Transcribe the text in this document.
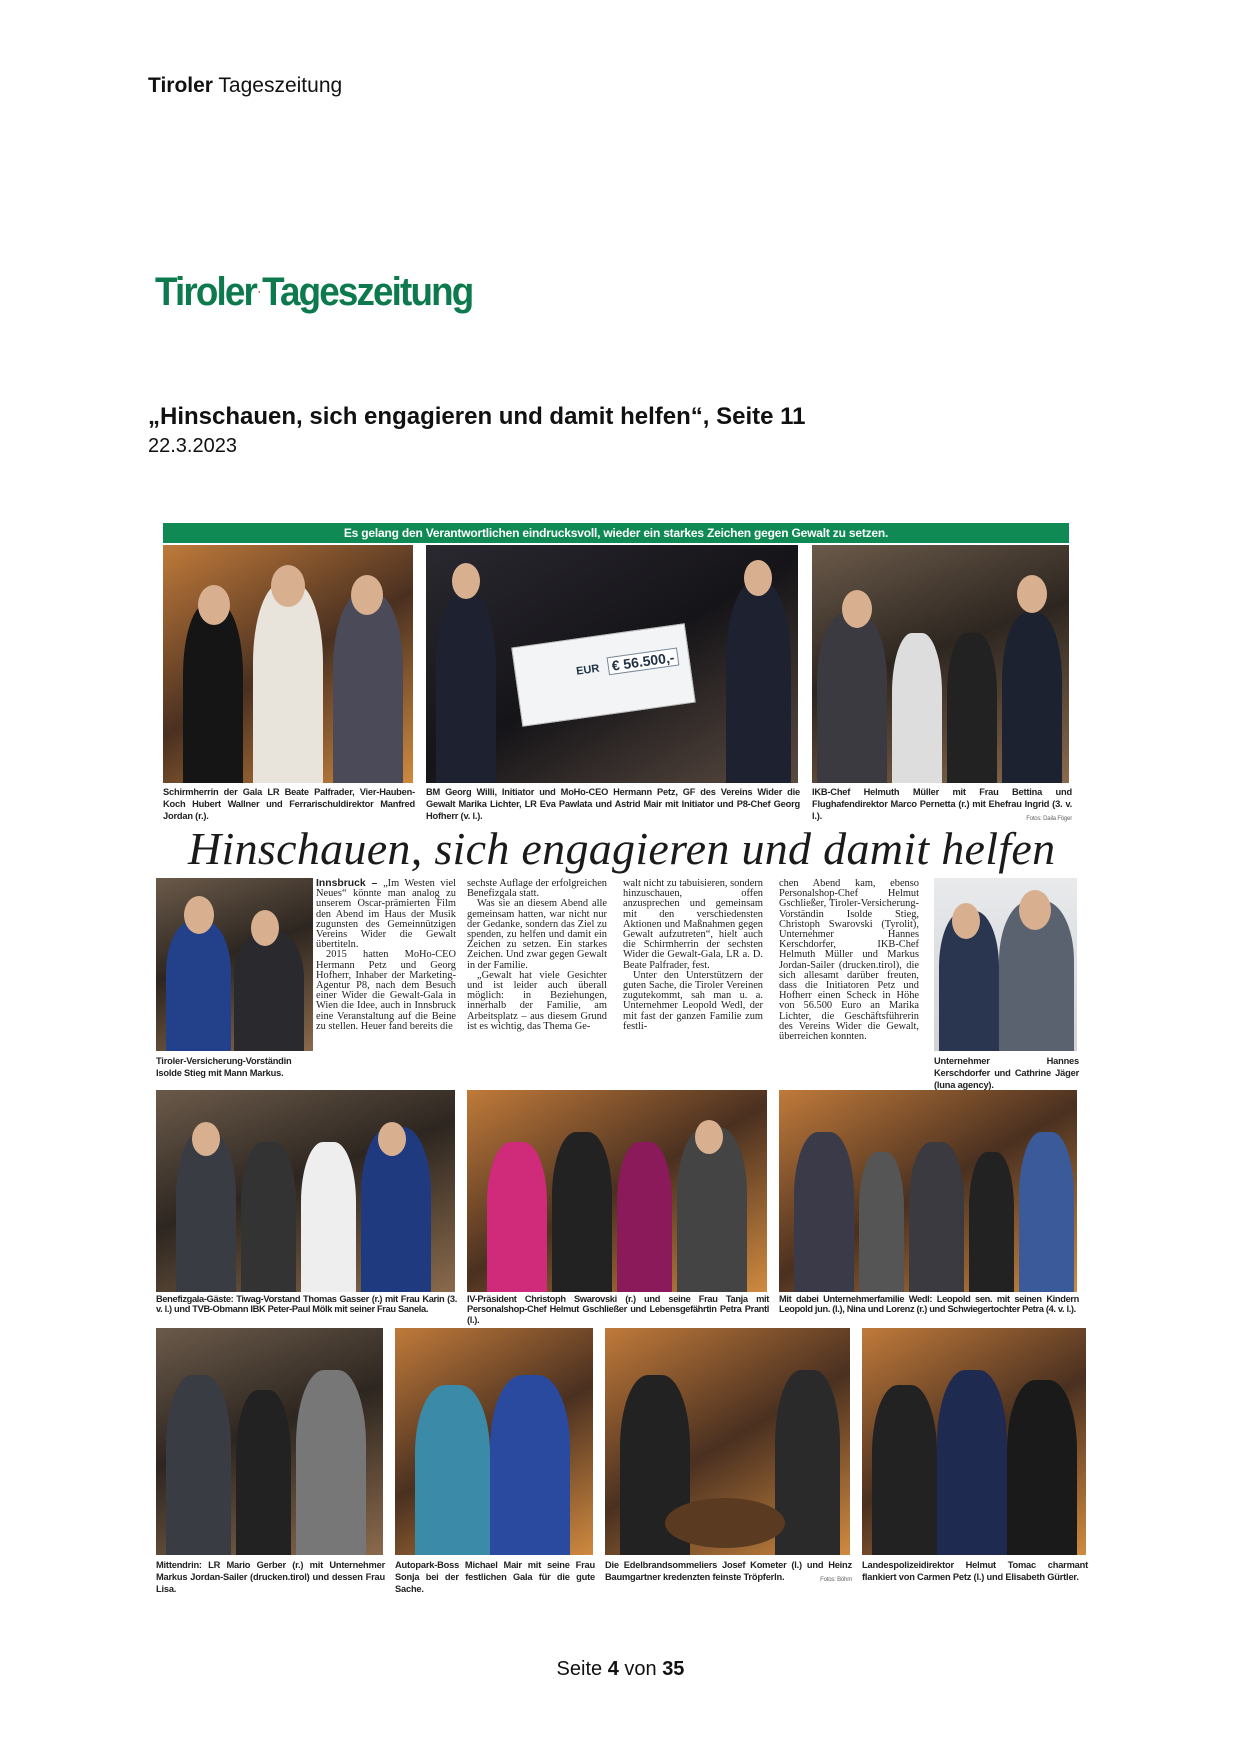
Tiroler Tageszeitung
Tiroler Tageszeitung
„Hinschauen, sich engagieren und damit helfen“, Seite 11
22.3.2023
Es gelang den Verantwortlichen eindrucksvoll, wieder ein starkes Zeichen gegen Gewalt zu setzen.
EUR € 56.500,-
Schirmherrin der Gala LR Beate Palfrader, Vier-Hauben-Koch Hubert Wallner und Ferrarischuldirektor Manfred Jordan (r.).
BM Georg Willi, Initiator und MoHo-CEO Hermann Petz, GF des Vereins Wider die Gewalt Marika Lichter, LR Eva Pawlata und Astrid Mair mit Initiator und P8-Chef Georg Hofherr (v. l.).
IKB-Chef Helmuth Müller mit Frau Bettina und Flughafendirektor Marco Pernetta (r.) mit Ehefrau Ingrid (3. v. l.).	Fotos: Daila Föger
Hinschauen, sich engagieren und damit helfen
Tiroler-Versicherung-Vorständin Isolde Stieg mit Mann Markus.

Innsbruck – „Im Westen viel Neues“ könnte man analog zu unserem Oscar-prämierten Film den Abend im Haus der Musik zugunsten des Gemeinnützigen Vereins Wider die Gewalt übertiteln.

2015 hatten MoHo-CEO Hermann Petz und Georg Hofherr, Inhaber der Marketing-Agentur P8, nach dem Besuch einer Wider die Gewalt-Gala in Wien die Idee, auch in Innsbruck eine Veranstaltung auf die Beine zu stellen. Heuer fand bereits die

sechste Auflage der erfolgreichen Benefizgala statt.

Was sie an diesem Abend alle gemeinsam hatten, war nicht nur der Gedanke, sondern das Ziel zu spenden, zu helfen und damit ein Zeichen zu setzen. Ein starkes Zeichen. Und zwar gegen Gewalt in der Familie.

„Gewalt hat viele Gesichter und ist leider auch überall möglich: in Beziehungen, innerhalb der Familie, am Arbeitsplatz – aus diesem Grund ist es wichtig, das Thema Ge-

walt nicht zu tabuisieren, sondern hinzuschauen, offen anzusprechen und gemeinsam mit den verschiedensten Aktionen und Maßnahmen gegen Gewalt aufzutreten“, hielt auch die Schirmherrin der sechsten Wider die Gewalt-Gala, LR a. D. Beate Palfrader, fest.

Unter den Unterstützern der guten Sache, die Tiroler Vereinen zugutekommt, sah man u. a. Unternehmer Leopold Wedl, der mit fast der ganzen Familie zum festli-

chen Abend kam, ebenso Personalshop-Chef Helmut Gschließer, Tiroler-Versicherung-Vorständin Isolde Stieg, Christoph Swarovski (Tyrolit), Unternehmer Hannes Kerschdorfer, IKB-Chef Helmuth Müller und Markus Jordan-Sailer (drucken.tirol), die sich allesamt darüber freuten, dass die Initiatoren Petz und Hofherr einen Scheck in Höhe von 56.500 Euro an Marika Lichter, die Geschäftsführerin des Vereins Wider die Gewalt, überreichen konnten.

Unternehmer Hannes Kerschdorfer und Cathrine Jäger (luna agency).
Benefizgala-Gäste: Tiwag-Vorstand Thomas Gasser (r.) mit Frau Karin (3. v. l.) und TVB-Obmann IBK Peter-Paul Mölk mit seiner Frau Sanela.
IV-Präsident Christoph Swarovski (r.) und seine Frau Tanja mit Personalshop-Chef Helmut Gschließer und Lebensgefährtin Petra Prantl (l.).
Mit dabei Unternehmerfamilie Wedl: Leopold sen. mit seinen Kindern Leopold jun. (l.), Nina und Lorenz (r.) und Schwiegertochter Petra (4. v. l.).
Mittendrin: LR Mario Gerber (r.) mit Unternehmer Markus Jordan-Sailer (drucken.tirol) und dessen Frau Lisa.
Autopark-Boss Michael Mair mit seine Frau Sonja bei der festlichen Gala für die gute Sache.
Die Edelbrandsommeliers Josef Kometer (l.) und Heinz Baumgartner kredenzten feinste Tröpferln.	Fotos: Böhm
Landespolizeidirektor Helmut Tomac charmant flankiert von Carmen Petz (l.) und Elisabeth Gürtler.
Seite 4 von 35
